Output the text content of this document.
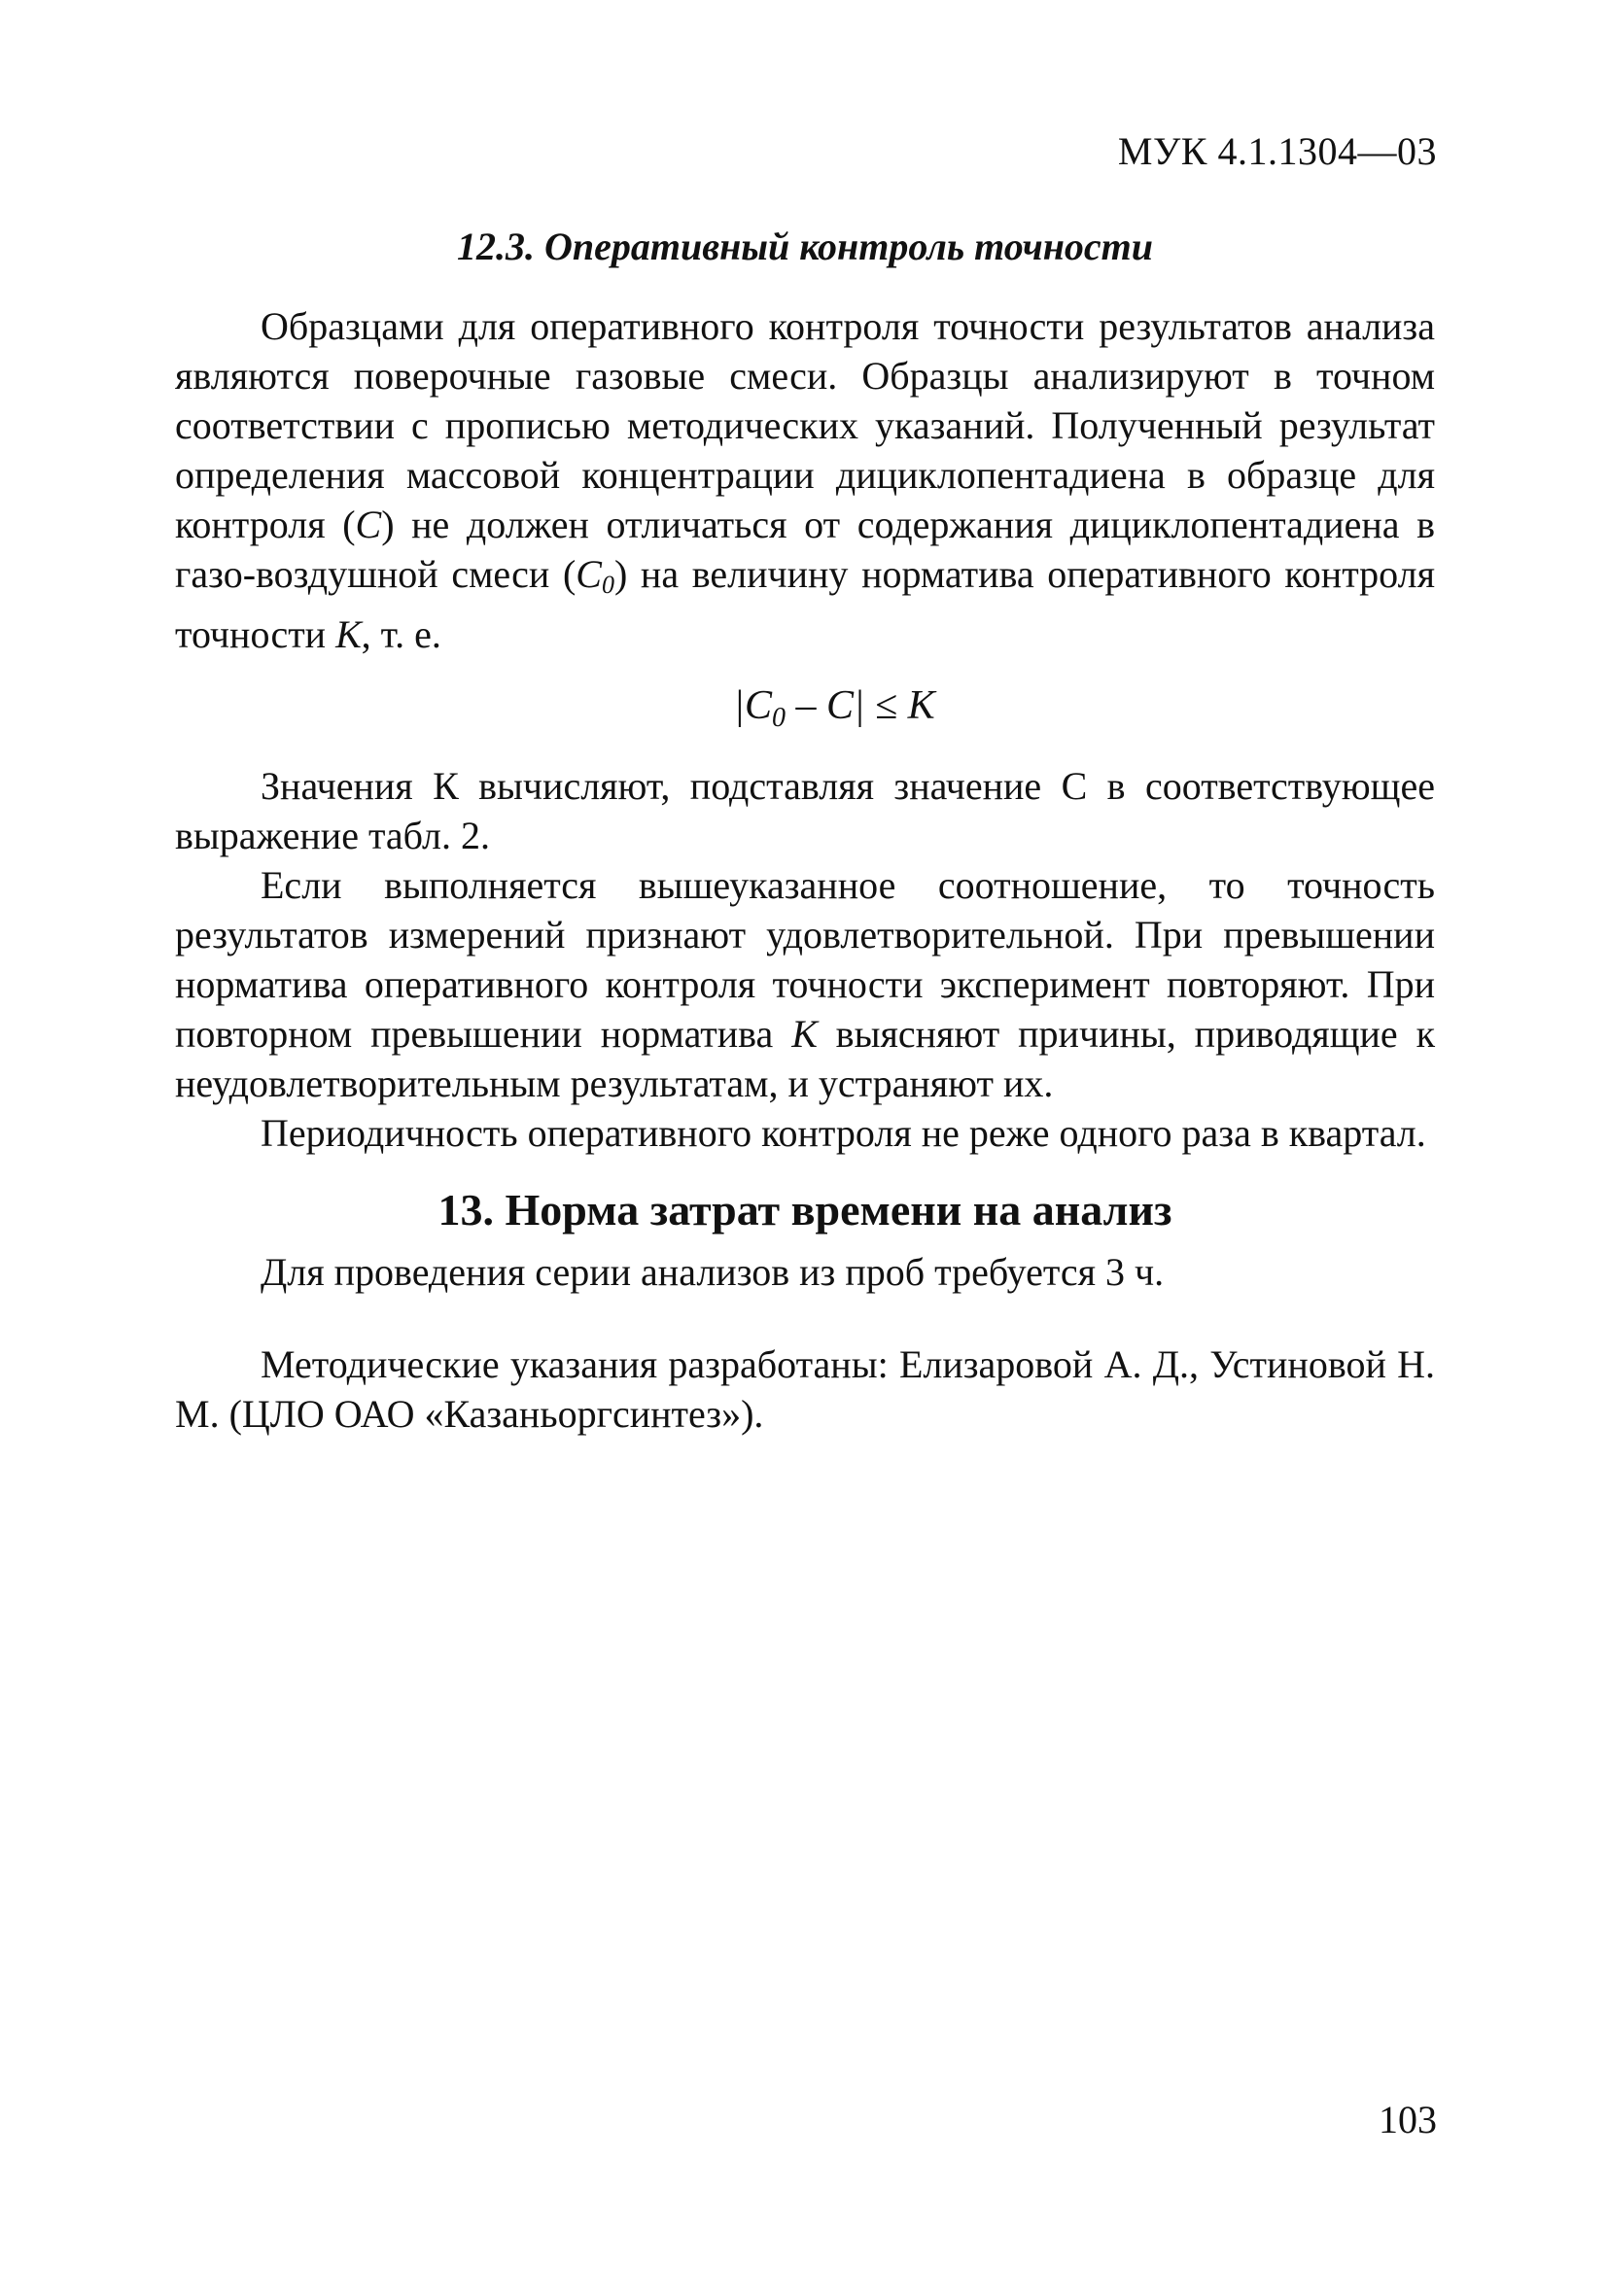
МУК 4.1.1304—03
12.3. Оперативный контроль точности

Образцами для оперативного контроля точности результатов анализа являются поверочные газовые смеси. Образцы анализируют в точном соответствии с прописью методических указаний. Полученный результат определения массовой концентрации дициклопентадиена в образце для контроля (С) не должен отличаться от содержания дициклопентадиена в газо-воздушной смеси $(С_0)$ на величину норматива оперативного контроля точности К, т. е.

$|C_0 - C| \le K$

Значения К вычисляют, подставляя значение С в соответствующее выражение табл. 2.

Если выполняется вышеуказанное соотношение, то точность результатов измерений признают удовлетворительной. При превышении норматива оперативного контроля точности эксперимент повторяют. При повторном превышении норматива К выясняют причины, приводящие к неудовлетворительным результатам, и устраняют их.

Периодичность оперативного контроля не реже одного раза в квартал.

13. Норма затрат времени на анализ

Для проведения серии анализов из проб требуется 3 ч.

Методические указания разработаны: Елизаровой А. Д., Устиновой Н. М. (ЦЛО ОАО «Казаньоргсинтез»).

103
